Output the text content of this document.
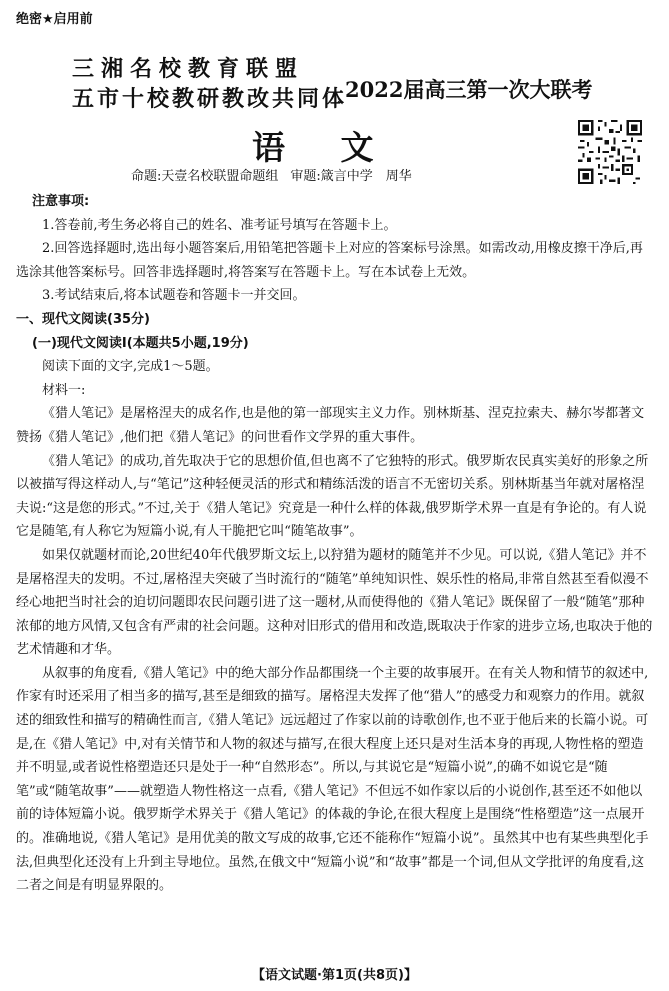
绝密★启用前
三湘名校教育联盟
五市十校教研教改共同体
2022届高三第一次大联考
语 文
命题:天壹名校联盟命题组 审题:箴言中学　周华

注意事项:

1.答卷前,考生务必将自己的姓名、准考证号填写在答题卡上。

2.回答选择题时,选出每小题答案后,用铅笔把答题卡上对应的答案标号涂黑。如需改动,用橡皮擦干净后,再选涂其他答案标号。回答非选择题时,将答案写在答题卡上。写在本试卷上无效。

3.考试结束后,将本试题卷和答题卡一并交回。

一、现代文阅读(35分)

(一)现代文阅读Ⅰ(本题共5小题,19分)

阅读下面的文字,完成1～5题。

材料一:

《猎人笔记》是屠格涅夫的成名作,也是他的第一部现实主义力作。别林斯基、涅克拉索夫、赫尔岑都著文赞扬《猎人笔记》,他们把《猎人笔记》的问世看作文学界的重大事件。

《猎人笔记》的成功,首先取决于它的思想价值,但也离不了它独特的形式。俄罗斯农民真实美好的形象之所以被描写得这样动人,与“笔记”这种轻便灵活的形式和精练活泼的语言不无密切关系。别林斯基当年就对屠格涅夫说:“这是您的形式。”不过,关于《猎人笔记》究竟是一种什么样的体裁,俄罗斯学术界一直是有争论的。有人说它是随笔,有人称它为短篇小说,有人干脆把它叫“随笔故事”。

如果仅就题材而论,20世纪40年代俄罗斯文坛上,以狩猎为题材的随笔并不少见。可以说,《猎人笔记》并不是屠格涅夫的发明。不过,屠格涅夫突破了当时流行的“随笔”单纯知识性、娱乐性的格局,非常自然甚至看似漫不经心地把当时社会的迫切问题即农民问题引进了这一题材,从而使得他的《猎人笔记》既保留了一般“随笔”那种浓郁的地方风情,又包含有严肃的社会问题。这种对旧形式的借用和改造,既取决于作家的进步立场,也取决于他的艺术情趣和才华。

从叙事的角度看,《猎人笔记》中的绝大部分作品都围绕一个主要的故事展开。在有关人物和情节的叙述中,作家有时还采用了相当多的描写,甚至是细致的描写。屠格涅夫发挥了他“猎人”的感受力和观察力的作用。就叙述的细致性和描写的精确性而言,《猎人笔记》远远超过了作家以前的诗歌创作,也不亚于他后来的长篇小说。可是,在《猎人笔记》中,对有关情节和人物的叙述与描写,在很大程度上还只是对生活本身的再现,人物性格的塑造并不明显,或者说性格塑造还只是处于一种“自然形态”。所以,与其说它是“短篇小说”,的确不如说它是“随笔”或“随笔故事”——就塑造人物性格这一点看,《猎人笔记》不但远不如作家以后的小说创作,甚至还不如他以前的诗体短篇小说。俄罗斯学术界关于《猎人笔记》的体裁的争论,在很大程度上是围绕“性格塑造”这一点展开的。准确地说,《猎人笔记》是用优美的散文写成的故事,它还不能称作“短篇小说”。虽然其中也有某些典型化手法,但典型化还没有上升到主导地位。虽然,在俄文中“短篇小说”和“故事”都是一个词,但从文学批评的角度看,这二者之间是有明显界限的。

【语文试题·第1页(共8页)】
